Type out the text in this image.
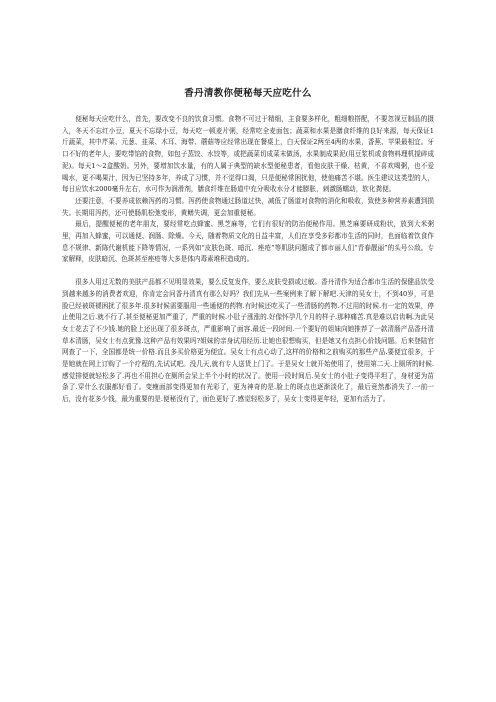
香丹清教你便秘每天应吃什么

便秘每天应吃什么，首先，要改变不良的饮食习惯。食物不可过于精细，主食要多样化，粗细粮搭配，不要忽视豆制品的摄入，冬天不忘红小豆，夏天不忘绿小豆，每天吃一顿麦片粥，经常吃全麦面包；蔬菜和水果是膳食纤维的良好来源，每天保证1斤蔬菜，其中芹菜、元葱、韭菜、木耳、海带、蘑菇等应经常出现在餐桌上，白天保证2两至4两的水果，香蕉、苹果最相宜。牙口不好的老年人，要吃带馅的食物，如包子蒸饺、水饺等，或把蔬菜切成菜末做汤，水果制成果泥(用豆浆机或食物料理机搅碎成泥)。每天1～2盒酸奶。另外，要增加饮水量，有的人属于典型的缺水型便秘患者，看他皮肤干燥、枯黄，不喜欢喝粥，也不爱喝水，更不喝果汁，因为已坚持多年，养成了习惯，并不觉得口渴，只是便秘常困扰他，使他痛苦不堪。医生建议这类型的人，每日应饮水2000毫升左右，水可作为润滑剂，膳食纤维在肠道中充分吸收水分才能膨胀，刺激肠蠕动，软化粪便。

还要注意，不要养成依赖泻药的习惯。泻药使食物通过肠道过快，减低了肠道对食物的消化和吸收，致使多种营养素遭到损失。长期用泻药，还可使肠肌松弛变形，黄鳝失调，更会加重便秘。

最后，提醒便秘的老年朋友，要经常吃点蜂蜜、黑芝麻等，它们有很好的防治便秘作用。黑芝麻要研成粉状，放到大米粥里，再加入蜂蜜，可以通便、润肠、除燥。今天，随着物质文化的日益丰富，人们在享受多彩都市生活的同时，也面临着饮食作息不规律、新陈代谢机能下降等情况，一系列如“皮肤色斑、暗沉、痤疮”等肌肤问题成了都市丽人们“青春靓丽”的头号公敌。专家解释，皮肤暗沉、色斑甚至痤疮等大多是体内毒素堆积造成的。

很多人用过无数的美肤产品都不见明显效果，要么反复发作，要么皮肤受损或过敏。香丹清作为适合都市生活的保健品饮受到越来越多的消费者欢迎，你肯定会问香丹清真有那么好吗？我们先从一些案例来了解下解吧.天津的吴女士，不到40岁，可是脸已经被斑褪困扰了很多年.很多时候需要服用一些通便的药物.有时候还吃买了一些清肠的药物.不过用的时候.有一定的效果，停止使用之后.就不行了.甚至便秘更加严重了，严重的时候.小肚子涨涨的.好像怀孕几个月的样子.那种痛苦.真是难以启齿啊.为此吴女士花去了不少钱.她的脸上还出现了很多斑点，严重影响了面容.最近一段时间.一个要好的姐妹向她推荐了一款清肠产品香丹清草本清肠，吴女士有点犹豫.这种产品有效果吗?姐妹的亲身试用经历.让她也很想购买，但是她又有点担心价钱问题。后来登陆官网查了一下，全国都是统一价格.而且多买价格更为便宜。吴女士有点心动了,这样的价格和之前购买的那些产品.要便宜很多，于是她就在网上订购了一个疗程的,先试试吧。没几天,就有专人送货上门了。于是吴女士就开始使用了，使用第二天.上厕所的时候.感觉排便就轻松多了.再也不用担心在厕所会呆上半个小时的状况了。使用一段时间后.吴女士的小肚子变得平坦了，身材更为苗条了.穿什么衣服都好看了。变瘦面部变得更加有光彩了，更为神奇的是.脸上的斑点也逐渐淡化了，最后竟然都消失了.一前一后，没有花多少钱，最为重要的是.便秘没有了，面色更好了.感觉轻松多了，吴女士变得更年轻，更加有活力了。
